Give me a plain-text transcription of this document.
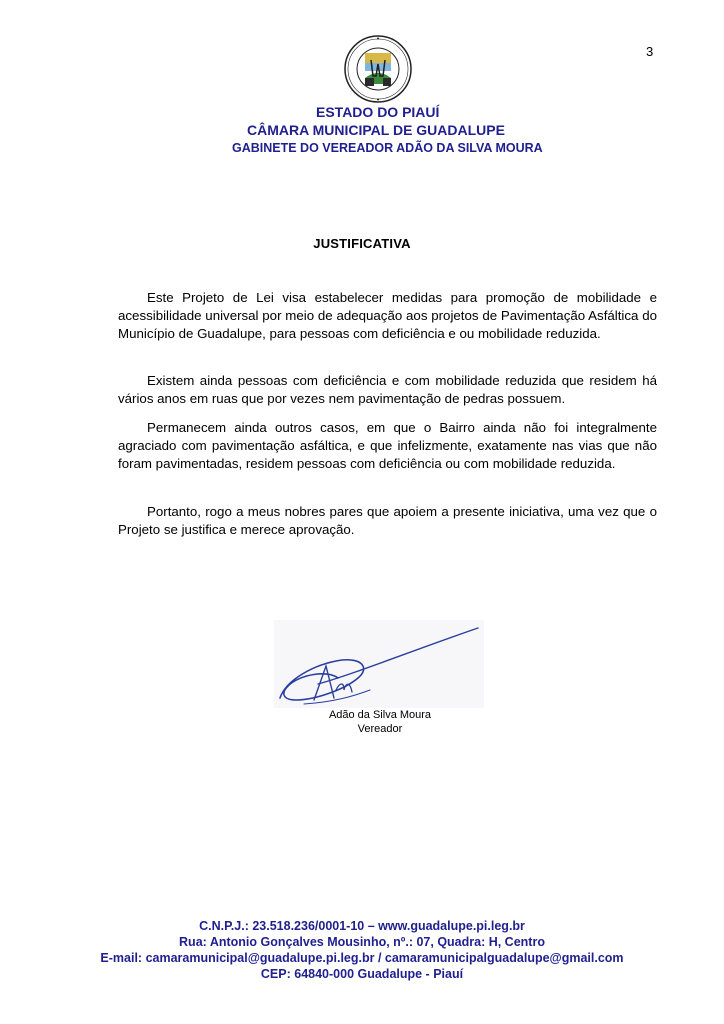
3
ESTADO DO PIAUÍ
CÂMARA MUNICIPAL DE GUADALUPE
GABINETE DO VEREADOR ADÃO DA SILVA MOURA
JUSTIFICATIVA

Este Projeto de Lei visa estabelecer medidas para promoção de mobilidade e acessibilidade universal por meio de adequação aos projetos de Pavimentação Asfáltica do Município de Guadalupe, para pessoas com deficiência e ou mobilidade reduzida.

Existem ainda pessoas com deficiência e com mobilidade reduzida que residem há vários anos em ruas que por vezes nem pavimentação de pedras possuem.

Permanecem ainda outros casos, em que o Bairro ainda não foi integralmente agraciado com pavimentação asfáltica, e que infelizmente, exatamente nas vias que não foram pavimentadas, residem pessoas com deficiência ou com mobilidade reduzida.

Portanto, rogo a meus nobres pares que apoiem a presente iniciativa, uma vez que o Projeto se justifica e merece aprovação.

Adão da Silva Moura
Vereador
C.N.P.J.: 23.518.236/0001-10 – www.guadalupe.pi.leg.br
Rua: Antonio Gonçalves Mousinho, nº.: 07, Quadra: H, Centro
E-mail: camaramunicipal@guadalupe.pi.leg.br / camaramunicipalguadalupe@gmail.com
CEP: 64840-000 Guadalupe - Piauí
